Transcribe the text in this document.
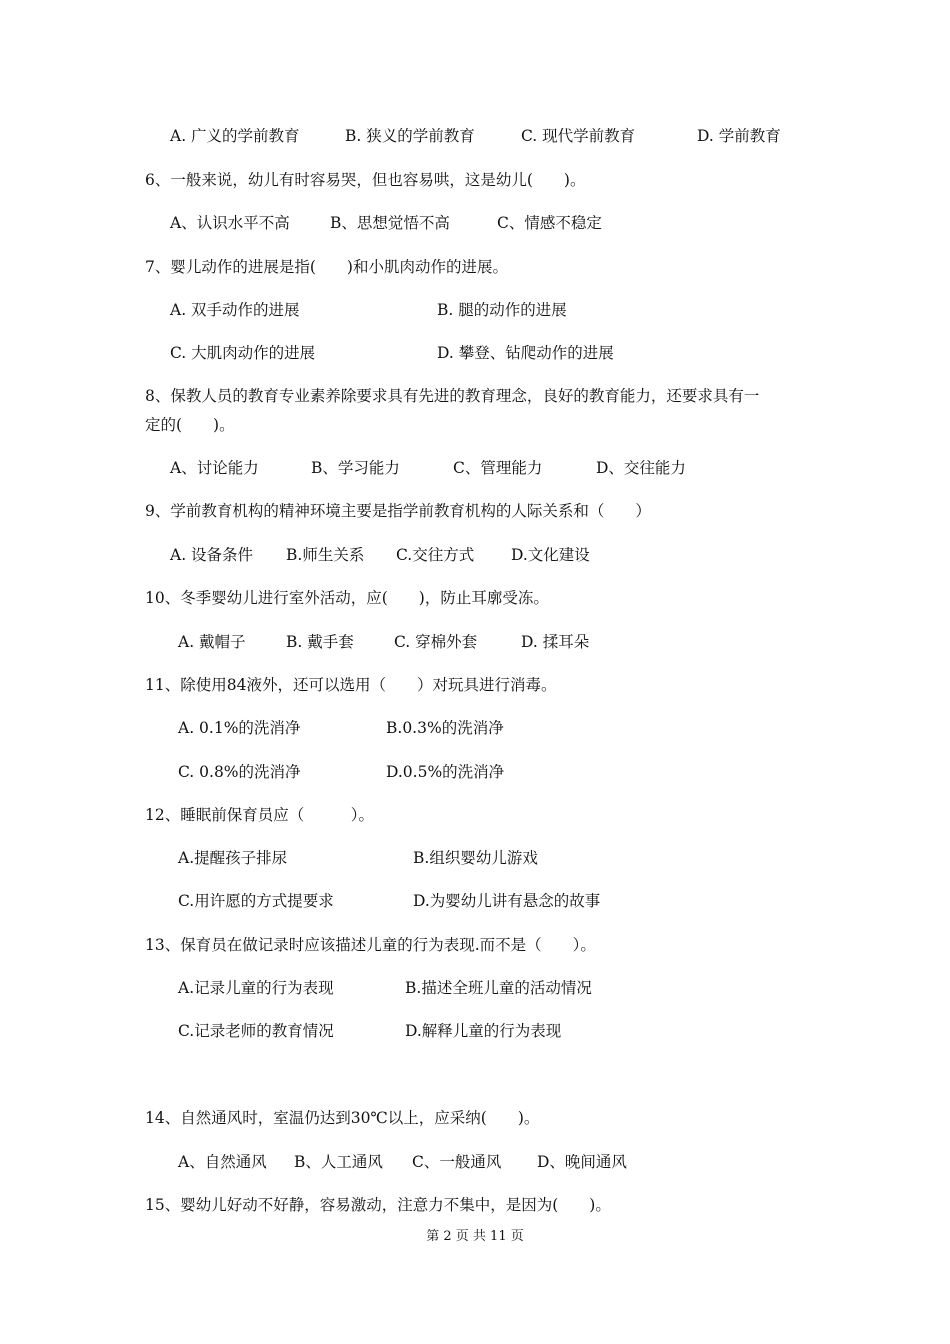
A. 广义的学前教育	B. 狭义的学前教育	C. 现代学前教育	D. 学前教育
6、一般来说，幼儿有时容易哭，但也容易哄，这是幼儿(　　)。
A、认识水平不高	B、思想觉悟不高	C、情感不稳定
7、婴儿动作的进展是指(　　)和小肌肉动作的进展。
A. 双手动作的进展	B. 腿的动作的进展
C. 大肌肉动作的进展	D. 攀登、钻爬动作的进展
8、保教人员的教育专业素养除要求具有先进的教育理念，良好的教育能力，还要求具有一
定的(　　)。
A、讨论能力	B、学习能力	C、管理能力	D、交往能力
9、学前教育机构的精神环境主要是指学前教育机构的人际关系和（　　）
A. 设备条件 B.师生关系 C.交往方式 D.文化建设
10、冬季婴幼儿进行室外活动，应(　　)，防止耳廓受冻。
A. 戴帽子	B. 戴手套	C. 穿棉外套	D. 揉耳朵
11、除使用84液外，还可以选用（　　）对玩具进行消毒。
A. 0.1%的洗消净	B.0.3%的洗消净
C. 0.8%的洗消净	D.0.5%的洗消净
12、睡眠前保育员应（　　　）。
A.提醒孩子排尿	B.组织婴幼儿游戏
C.用许愿的方式提要求	D.为婴幼儿讲有悬念的故事
13、保育员在做记录时应该描述儿童的行为表现.而不是（　　）。
A.记录儿童的行为表现	B.描述全班儿童的活动情况
C.记录老师的教育情况	D.解释儿童的行为表现
14、自然通风时，室温仍达到30℃以上，应采纳(　　)。
A、自然通风 B、人工通风 C、一般通风 D、晚间通风
15、婴幼儿好动不好静，容易激动，注意力不集中，是因为(　　)。
第 2 页 共 11 页
